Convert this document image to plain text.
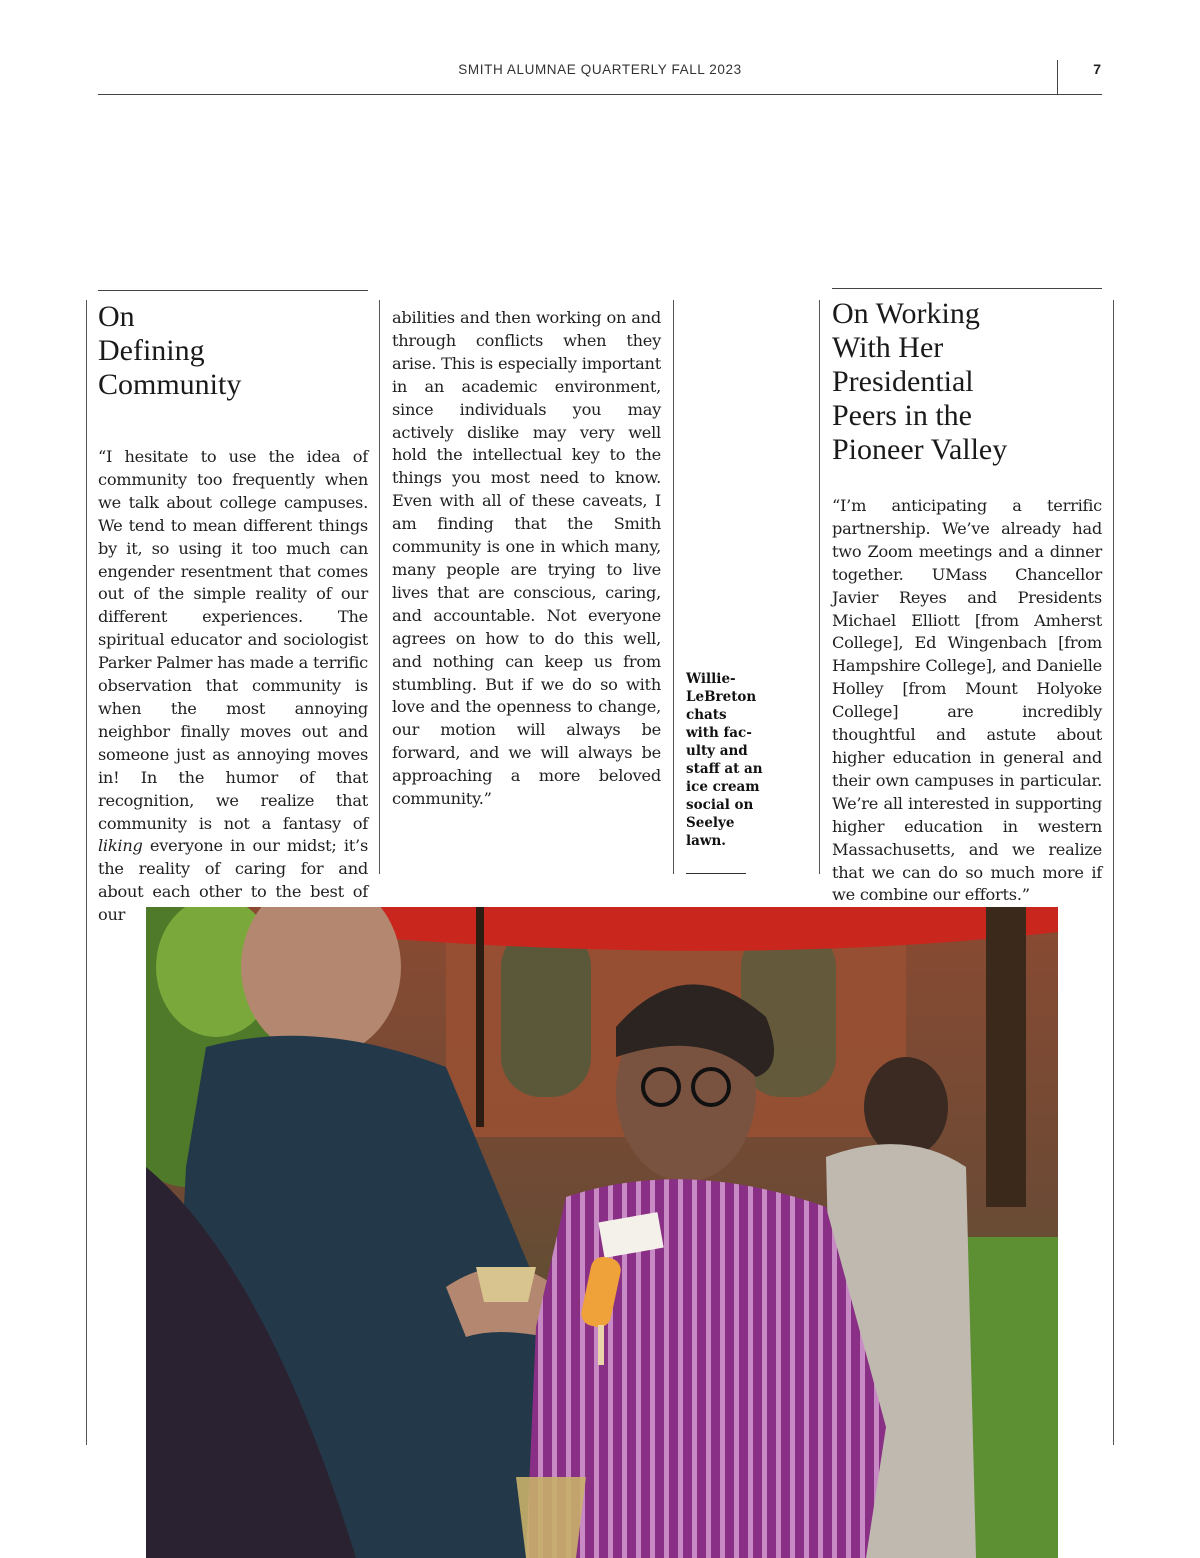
SMITH ALUMNAE QUARTERLY FALL 2023	7
On
Defining
Community

“I hesitate to use the idea of community too frequently when we talk about college campuses. We tend to mean different things by it, so using it too much can engender resentment that comes out of the simple reality of our different experiences. The spiritual educator and sociologist Parker Palmer has made a terrific observation that community is when the most annoying neighbor finally moves out and someone just as annoying moves in! In the humor of that recognition, we realize that community is not a fantasy of liking everyone in our midst; it’s the reality of caring for and about each other to the best of our

abilities and then working on and through conflicts when they arise. This is especially important in an academic environment, since individuals you may actively dislike may very well hold the intellectual key to the things you most need to know. Even with all of these caveats, I am finding that the Smith community is one in which many, many people are trying to live lives that are conscious, caring, and accountable. Not everyone agrees on how to do this well, and nothing can keep us from stumbling. But if we do so with love and the openness to change, our motion will always be forward, and we will always be approaching a more beloved community.”

Willie-
LeBreton
chats
with fac-
ulty and
staff at an
ice cream
social on
Seelye
lawn.
On Working
With Her
Presidential
Peers in the
Pioneer Valley

“I’m anticipating a terrific partnership. We’ve already had two Zoom meetings and a dinner together. UMass Chancellor Javier Reyes and Presidents Michael Elliott [from Amherst College], Ed Wingenbach [from Hampshire College], and Danielle Holley [from Mount Holyoke College] are incredibly thoughtful and astute about higher education in general and their own campuses in particular. We’re all interested in supporting higher education in western Massachusetts, and we realize that we can do so much more if we combine our efforts.”
